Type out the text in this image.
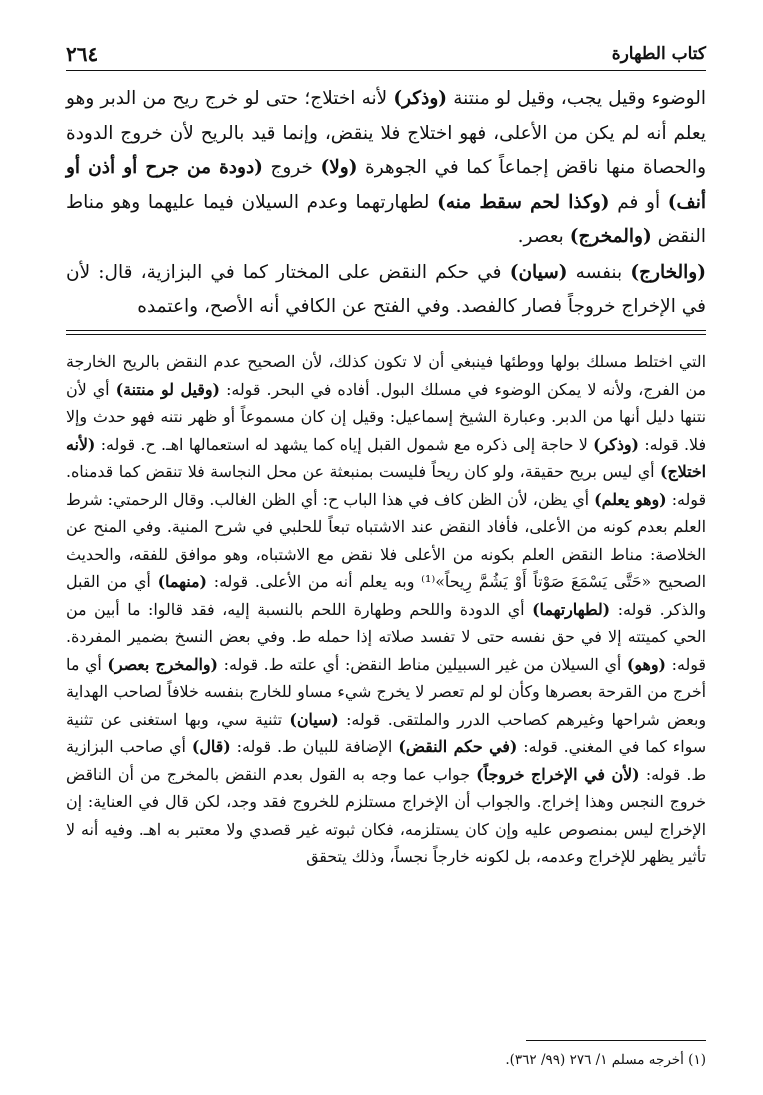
كتاب الطهارة
٢٦٤

الوضوء وقيل يجب، وقيل لو منتنة (وذكر) لأنه اختلاج؛ حتى لو خرج ريح من الدبر وهو يعلم أنه لم يكن من الأعلى، فهو اختلاج فلا ينقض، وإنما قيد بالريح لأن خروج الدودة والحصاة منها ناقض إجماعاً كما في الجوهرة (ولا) خروج (دودة من جرح أو أذن أو أنف) أو فم (وكذا لحم سقط منه) لطهارتهما وعدم السيلان فيما عليهما وهو مناط النقض (والمخرج) بعصر.

(والخارج) بنفسه (سيان) في حكم النقض على المختار كما في البزازية، قال: لأن في الإخراج خروجاً فصار كالفصد. وفي الفتح عن الكافي أنه الأصح، واعتمده

التي اختلط مسلك بولها ووطئها فينبغي أن لا تكون كذلك، لأن الصحيح عدم النقض بالريح الخارجة من الفرج، ولأنه لا يمكن الوضوء في مسلك البول. أفاده في البحر. قوله: (وقيل لو منتنة) أي لأن نتنها دليل أنها من الدبر. وعبارة الشيخ إسماعيل: وقيل إن كان مسموعاً أو ظهر نتنه فهو حدث وإلا فلا. قوله: (وذكر) لا حاجة إلى ذكره مع شمول القبل إياه كما يشهد له استعمالها اهـ. ح. قوله: (لأنه اختلاج) أي ليس بريح حقيقة، ولو كان ريحاً فليست بمنبعثة عن محل النجاسة فلا تنقض كما قدمناه. قوله: (وهو يعلم) أي يظن، لأن الظن كاف في هذا الباب ح: أي الظن الغالب. وقال الرحمتي: شرط العلم بعدم كونه من الأعلى، فأفاد النقض عند الاشتباه تبعاً للحلبي في شرح المنية. وفي المنح عن الخلاصة: مناط النقض العلم بكونه من الأعلى فلا نقض مع الاشتباه، وهو موافق للفقه، والحديث الصحيح «حَتَّى يَسْمَعَ صَوْتاً أَوْ يَشُمَّ رِيحاً»⁽¹⁾ وبه يعلم أنه من الأعلى. قوله: (منهما) أي من القبل والذكر. قوله: (لطهارتهما) أي الدودة واللحم وطهارة اللحم بالنسبة إليه، فقد قالوا: ما أبين من الحي كميتته إلا في حق نفسه حتى لا تفسد صلاته إذا حمله ط. وفي بعض النسخ بضمير المفردة. قوله: (وهو) أي السيلان من غير السبيلين مناط النقض: أي علته ط. قوله: (والمخرج بعصر) أي ما أخرج من القرحة بعصرها وكأن لو لم تعصر لا يخرج شيء مساو للخارج بنفسه خلافاً لصاحب الهداية وبعض شراحها وغيرهم كصاحب الدرر والملتقى. قوله: (سيان) تثنية سي، وبها استغنى عن تثنية سواء كما في المغني. قوله: (في حكم النقض) الإضافة للبيان ط. قوله: (قال) أي صاحب البزازية ط. قوله: (لأن في الإخراج خروجاً) جواب عما وجه به القول بعدم النقض بالمخرج من أن الناقض خروج النجس وهذا إخراج. والجواب أن الإخراج مستلزم للخروج فقد وجد، لكن قال في العناية: إن الإخراج ليس بمنصوص عليه وإن كان يستلزمه، فكان ثبوته غير قصدي ولا معتبر به اهـ. وفيه أنه لا تأثير يظهر للإخراج وعدمه، بل لكونه خارجاً نجساً، وذلك يتحقق

(١) أخرجه مسلم ١/ ٢٧٦ (٩٩/ ٣٦٢).
